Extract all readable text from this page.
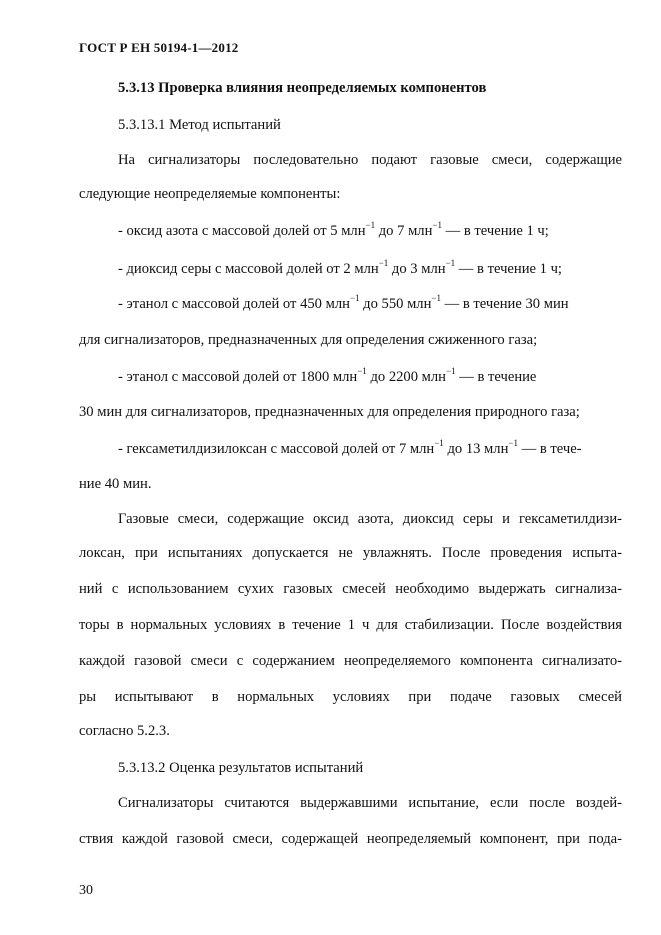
ГОСТ Р ЕН 50194-1—2012
5.3.13 Проверка влияния неопределяемых компонентов
5.3.13.1 Метод испытаний
На сигнализаторы последовательно подают газовые смеси, содержащие
следующие неопределяемые компоненты:
- оксид азота с массовой долей от 5 млн$^{-1}$ до 7 млн$^{-1}$ — в течение 1 ч;
- диоксид серы с массовой долей от 2 млн$^{-1}$ до 3 млн$^{-1}$ — в течение 1 ч;
- этанол с массовой долей от 450 млн$^{-1}$ до 550 млн$^{-1}$ — в течение 30 мин
для сигнализаторов, предназначенных для определения сжиженного газа;
- этанол с массовой долей от 1800 млн$^{-1}$ до 2200 млн$^{-1}$ — в течение
30 мин для сигнализаторов, предназначенных для определения природного газа;
- гексаметилдизилоксан с массовой долей от 7 млн$^{-1}$ до 13 млн$^{-1}$ — в тече-
ние 40 мин.
Газовые смеси, содержащие оксид азота, диоксид серы и гексаметилдизи-
локсан, при испытаниях допускается не увлажнять. После проведения испыта-
ний с использованием сухих газовых смесей необходимо выдержать сигнализа-
торы в нормальных условиях в течение 1 ч для стабилизации. После воздействия
каждой газовой смеси с содержанием неопределяемого компонента сигнализато-
ры испытывают в нормальных условиях при подаче газовых смесей
согласно 5.2.3.
5.3.13.2 Оценка результатов испытаний
Сигнализаторы считаются выдержавшими испытание, если после воздей-
ствия каждой газовой смеси, содержащей неопределяемый компонент, при пода-
30
